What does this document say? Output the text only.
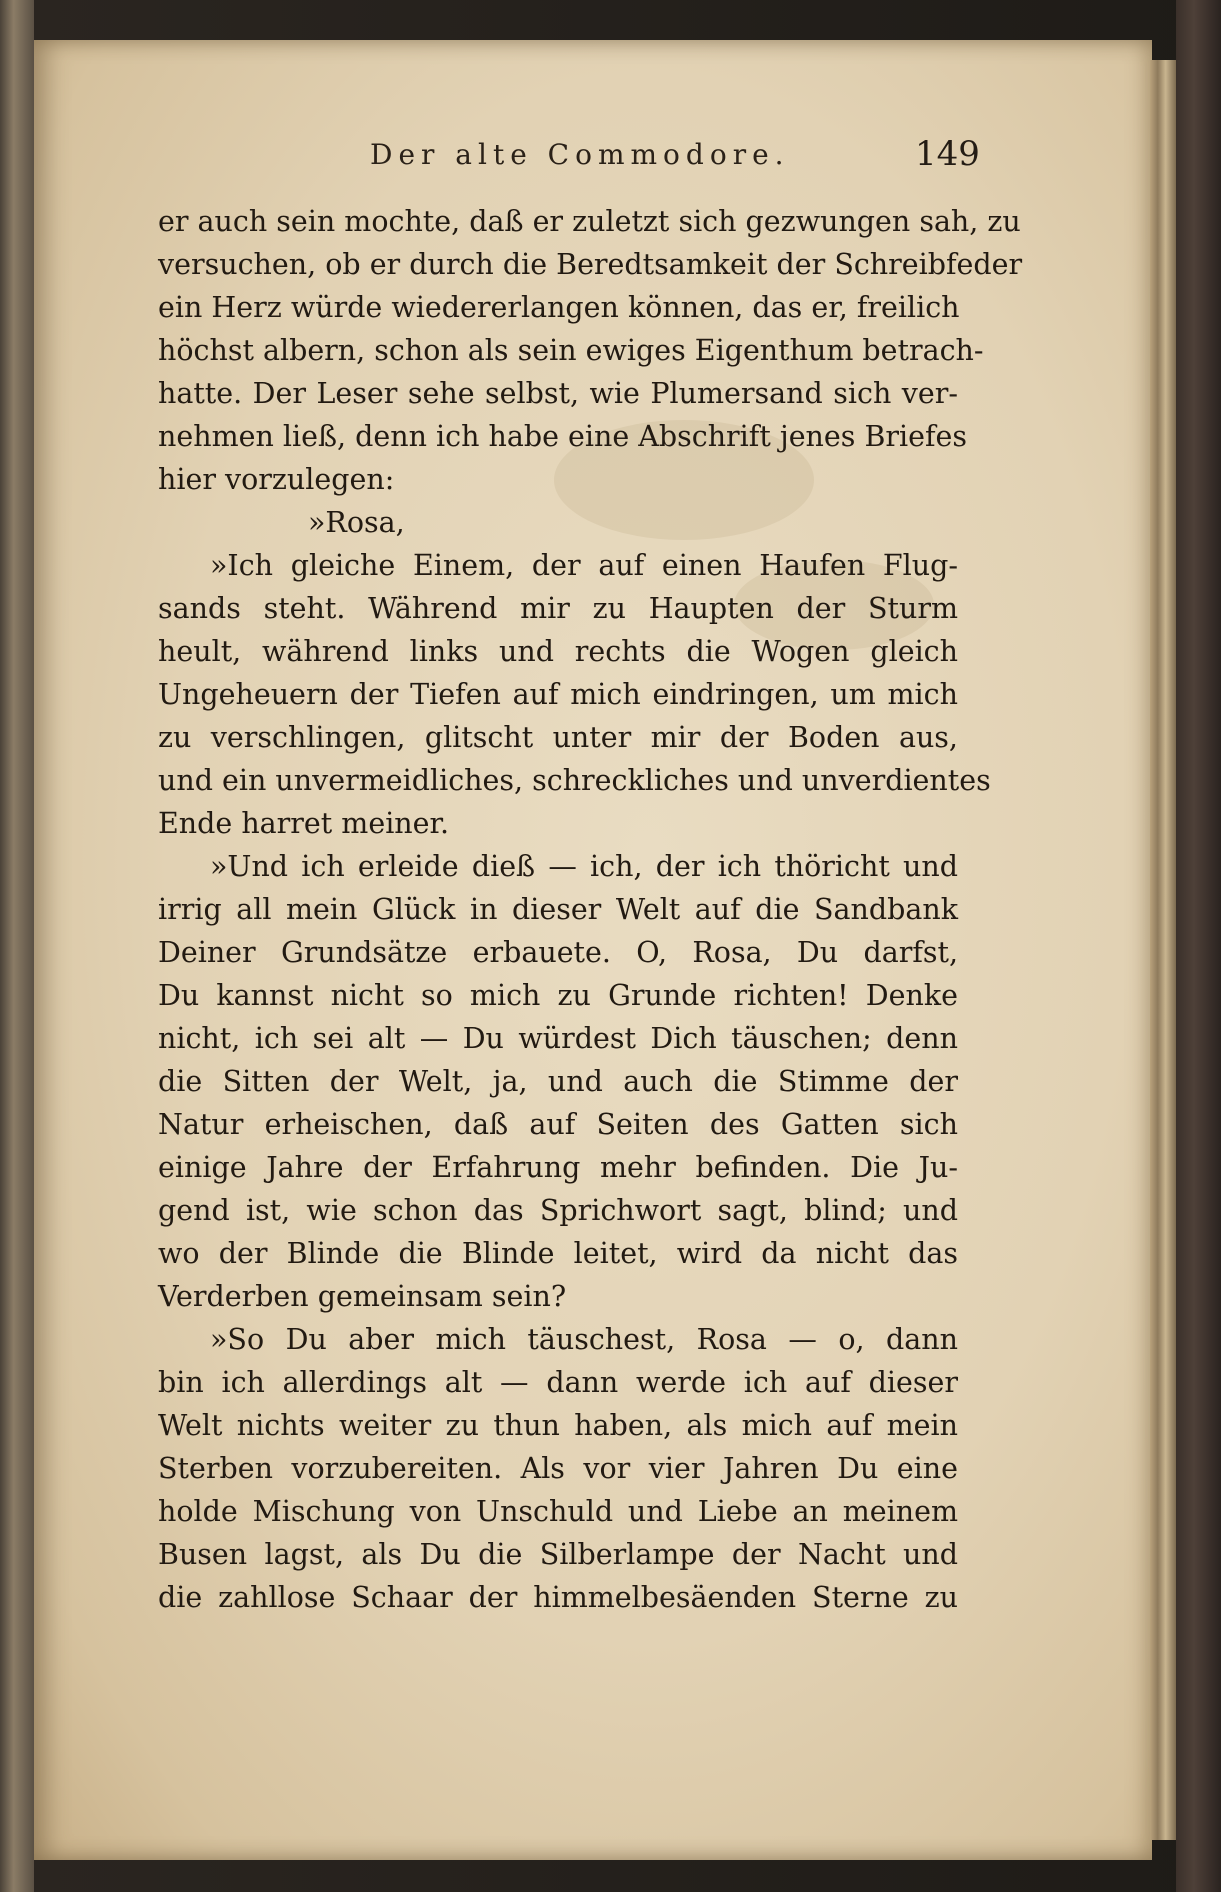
Der alte Commodore.	149
er auch sein mochte, daß er zuletzt sich gezwungen sah, zu
versuchen, ob er durch die Beredtsamkeit der Schreibfeder
ein Herz würde wiedererlangen können, das er, freilich
höchst albern, schon als sein ewiges Eigenthum betrach-
hatte. Der Leser sehe selbst, wie Plumersand sich ver-
nehmen ließ, denn ich habe eine Abschrift jenes Briefes
hier vorzulegen:
»Rosa,
»Ich gleiche Einem, der auf einen Haufen Flug-
sands steht. Während mir zu Haupten der Sturm
heult, während links und rechts die Wogen gleich
Ungeheuern der Tiefen auf mich eindringen, um mich
zu verschlingen, glitscht unter mir der Boden aus,
und ein unvermeidliches, schreckliches und unverdientes
Ende harret meiner.
»Und ich erleide dieß — ich, der ich thöricht und
irrig all mein Glück in dieser Welt auf die Sandbank
Deiner Grundsätze erbauete. O, Rosa, Du darfst,
Du kannst nicht so mich zu Grunde richten! Denke
nicht, ich sei alt — Du würdest Dich täuschen; denn
die Sitten der Welt, ja, und auch die Stimme der
Natur erheischen, daß auf Seiten des Gatten sich
einige Jahre der Erfahrung mehr befinden. Die Ju-
gend ist, wie schon das Sprichwort sagt, blind; und
wo der Blinde die Blinde leitet, wird da nicht das
Verderben gemeinsam sein?
»So Du aber mich täuschest, Rosa — o, dann
bin ich allerdings alt — dann werde ich auf dieser
Welt nichts weiter zu thun haben, als mich auf mein
Sterben vorzubereiten. Als vor vier Jahren Du eine
holde Mischung von Unschuld und Liebe an meinem
Busen lagst, als Du die Silberlampe der Nacht und
die zahllose Schaar der himmelbesäenden Sterne zu
